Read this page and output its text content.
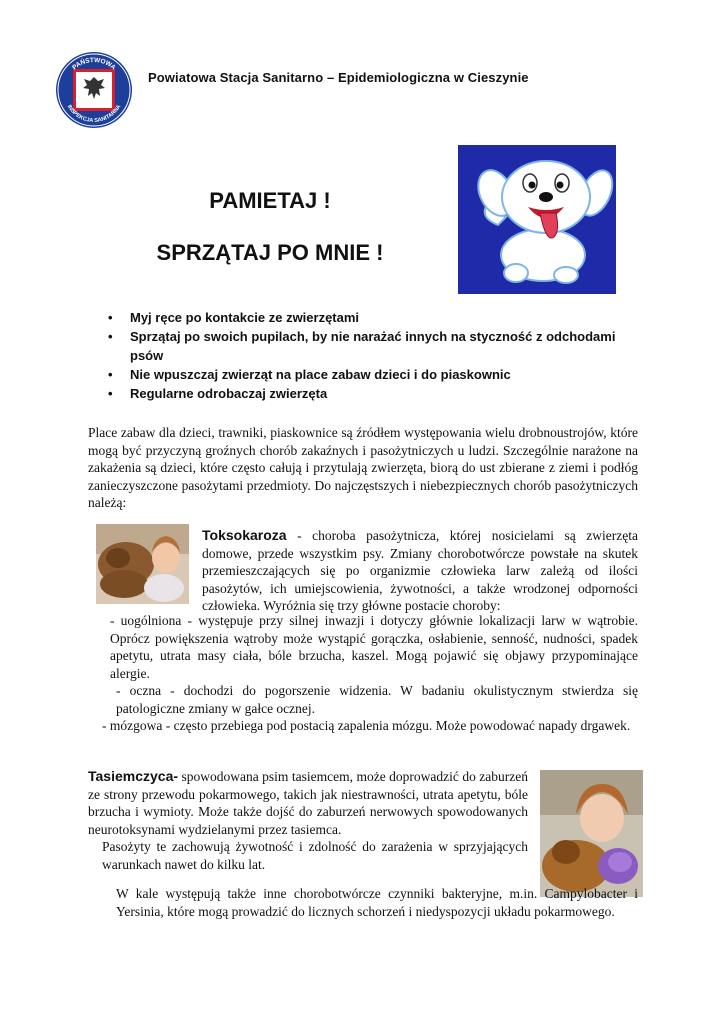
PAŃSTWOWA
INSPEKCJA SANITARNA
Powiatowa Stacja Sanitarno – Epidemiologiczna w Cieszynie
PAMIETAJ !
SPRZĄTAJ PO MNIE !
• Myj ręce po kontakcie ze zwierzętami
• Sprzątaj po swoich pupilach, by nie narażać innych na styczność z odchodami psów
• Nie wpuszczaj zwierząt na place zabaw dzieci i do piaskownic
• Regularne odrobaczaj zwierzęta
Place zabaw dla dzieci, trawniki, piaskownice są źródłem występowania wielu drobnoustrojów, które mogą być przyczyną groźnych chorób zakaźnych i pasożytniczych u ludzi. Szczególnie narażone na zakażenia są dzieci, które często całują i przytulają zwierzęta, biorą do ust zbierane z ziemi i podłóg zanieczyszczone pasożytami przedmioty. Do najczęstszych i niebezpiecznych chorób pasożytniczych należą:
Toksokaroza - choroba pasożytnicza, której nosicielami są zwierzęta domowe, przede wszystkim psy. Zmiany chorobotwórcze powstałe na skutek przemieszczających się po organizmie człowieka larw zależą od ilości pasożytów, ich umiejscowienia, żywotności, a także wrodzonej odporności człowieka. Wyróżnia się trzy główne postacie choroby:

- uogólniona - występuje przy silnej inwazji i dotyczy głównie lokalizacji larw w wątrobie. Oprócz powiększenia wątroby może wystąpić gorączka, osłabienie, senność, nudności, spadek apetytu, utrata masy ciała, bóle brzucha, kaszel. Mogą pojawić się objawy przypominające alergie.

- oczna - dochodzi do pogorszenie widzenia. W badaniu okulistycznym stwierdza się patologiczne zmiany w gałce ocznej.

- mózgowa - często przebiega pod postacią zapalenia mózgu. Może powodować napady drgawek.

Tasiemczyca- spowodowana psim tasiemcem, może doprowadzić do zaburzeń ze strony przewodu pokarmowego, takich jak niestrawności, utrata apetytu, bóle brzucha i wymioty. Może także dojść do zaburzeń nerwowych spowodowanych neurotoksynami wydzielanymi przez tasiemca.

Pasożyty te zachowują żywotność i zdolność do zarażenia w sprzyjających warunkach nawet do kilku lat.

W kale występują także inne chorobotwórcze czynniki bakteryjne, m.in. Campylobacter i Yersinia, które mogą prowadzić do licznych schorzeń i niedyspozycji układu pokarmowego.
